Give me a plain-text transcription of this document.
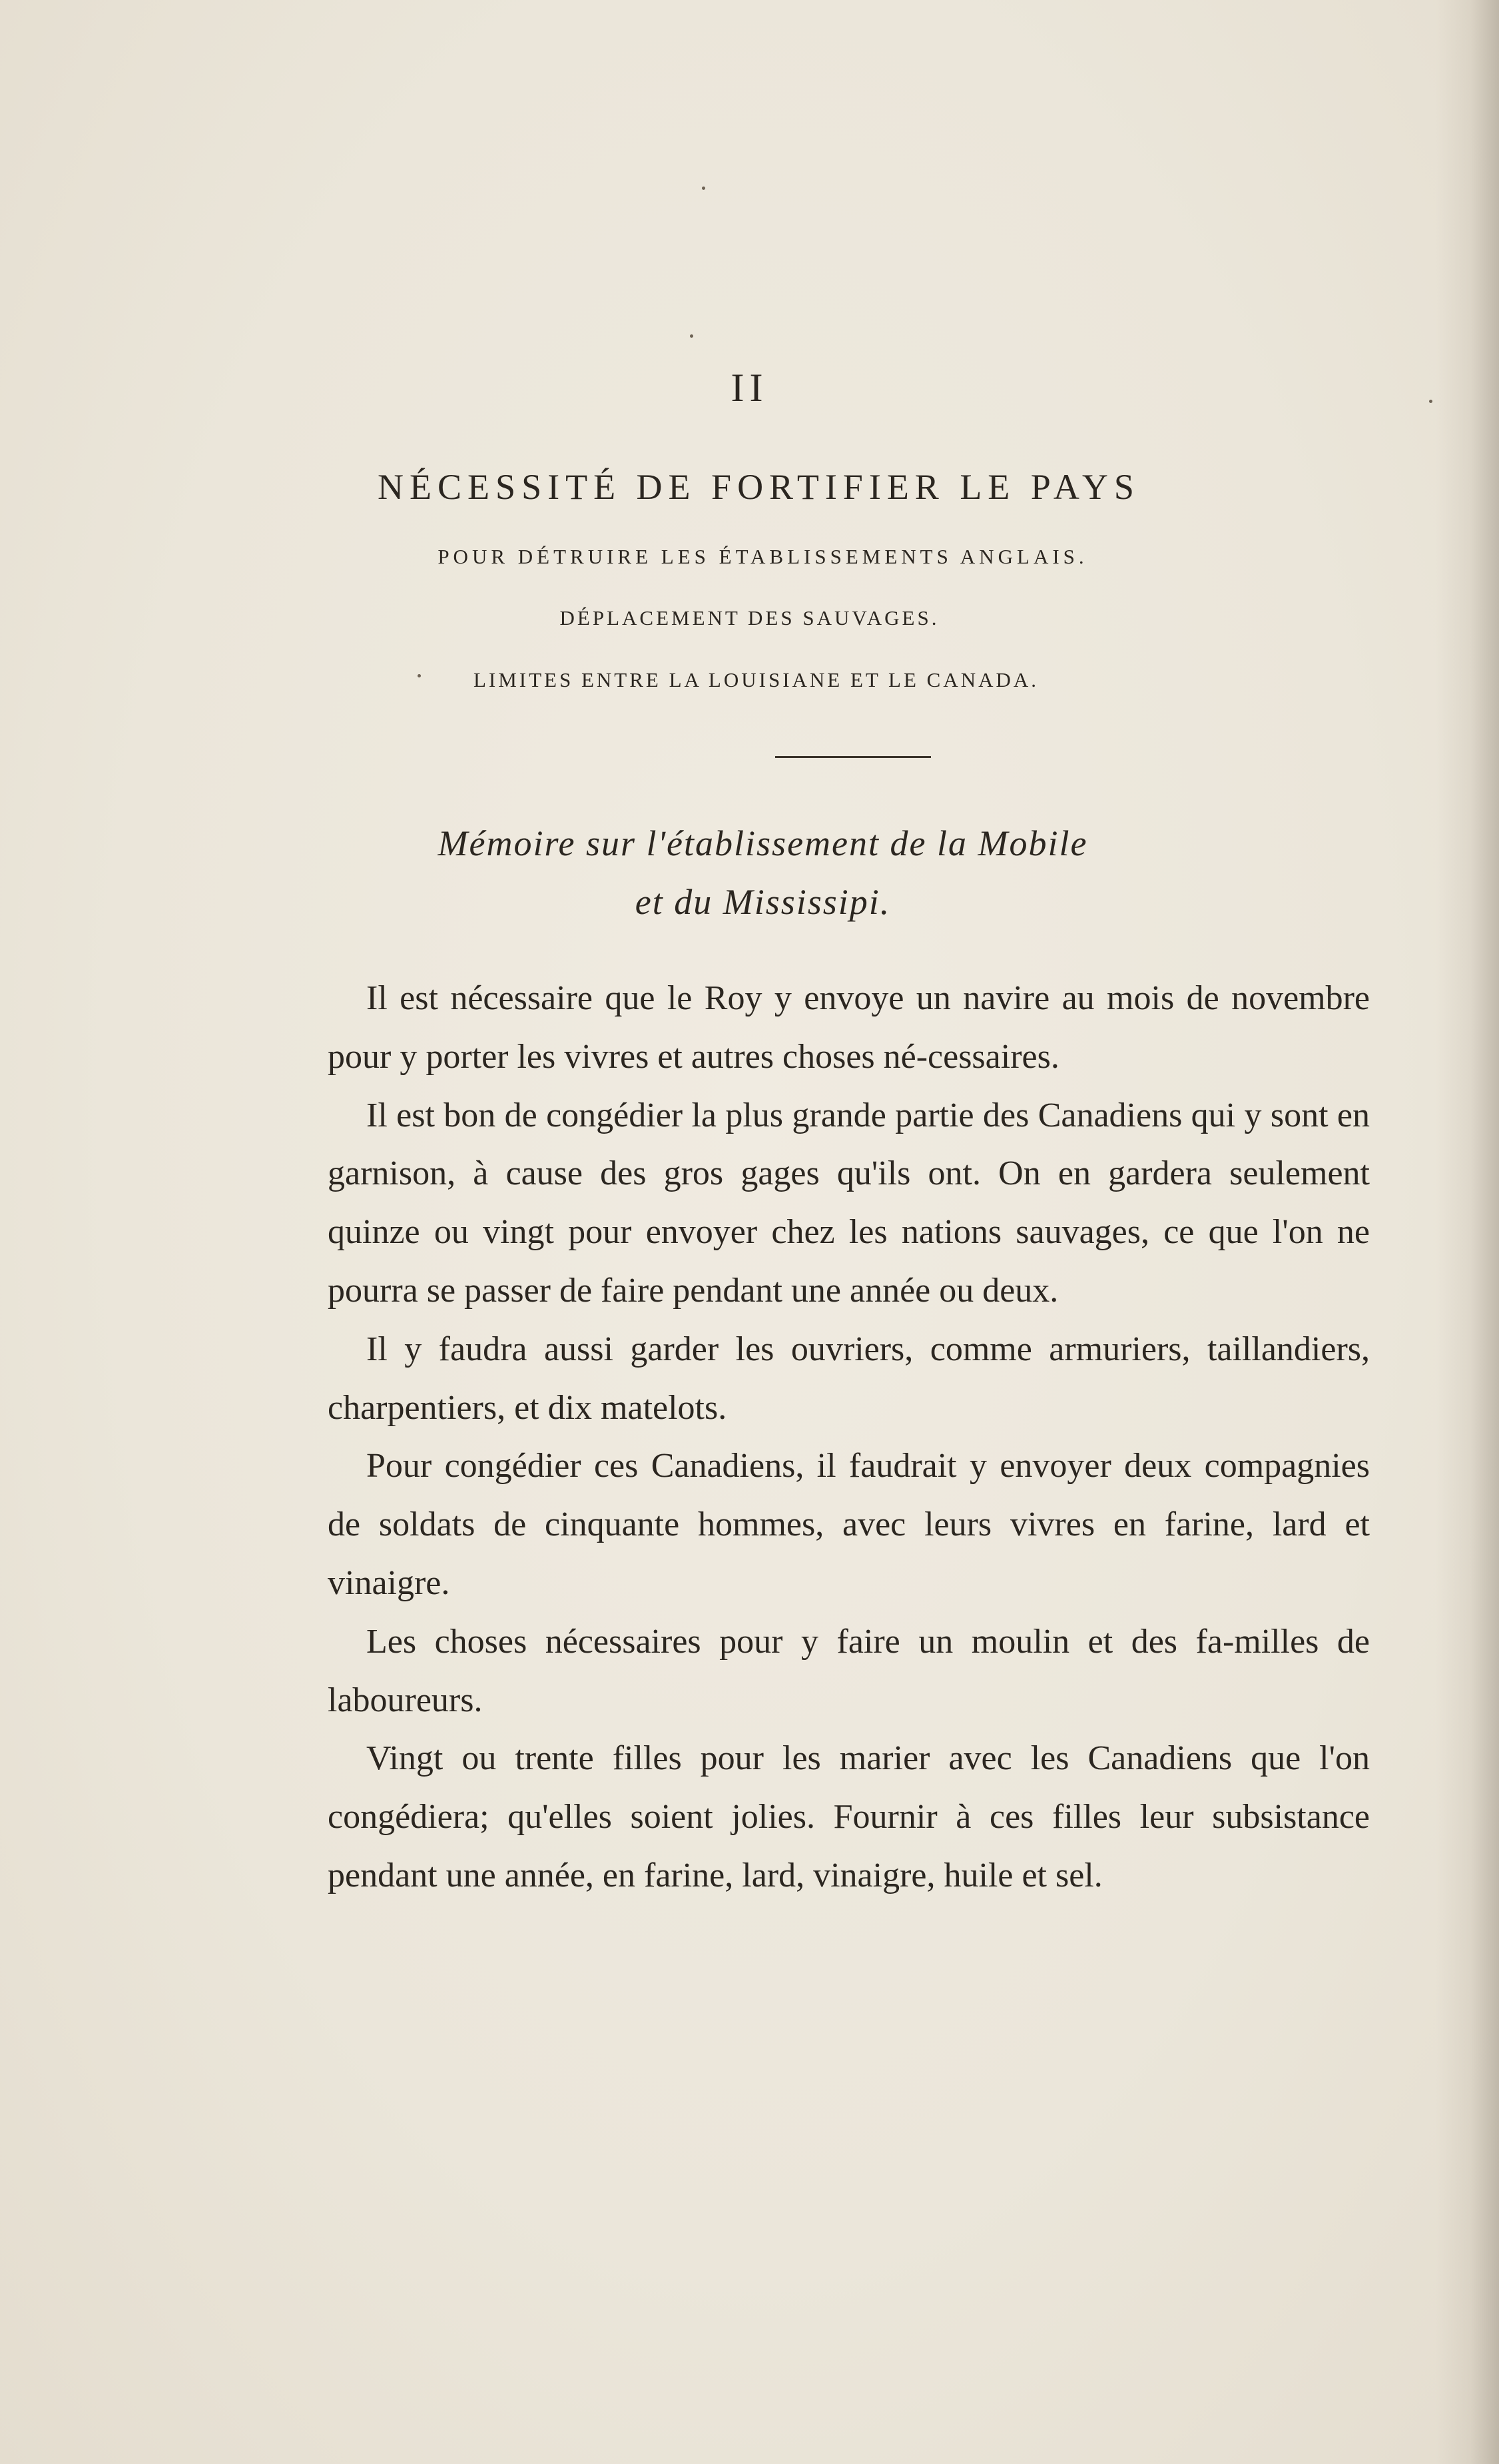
II
NÉCESSITÉ DE FORTIFIER LE PAYS
POUR DÉTRUIRE LES ÉTABLISSEMENTS ANGLAIS.
DÉPLACEMENT DES SAUVAGES.
LIMITES ENTRE LA LOUISIANE ET LE CANADA.
Mémoire sur l'établissement de la Mobile
et du Mississipi.

Il est nécessaire que le Roy y envoye un navire au mois de novembre pour y porter les vivres et autres choses né-cessaires.

Il est bon de congédier la plus grande partie des Canadiens qui y sont en garnison, à cause des gros gages qu'ils ont. On en gardera seulement quinze ou vingt pour envoyer chez les nations sauvages, ce que l'on ne pourra se passer de faire pendant une année ou deux.

Il y faudra aussi garder les ouvriers, comme armuriers, taillandiers, charpentiers, et dix matelots.

Pour congédier ces Canadiens, il faudrait y envoyer deux compagnies de soldats de cinquante hommes, avec leurs vivres en farine, lard et vinaigre.

Les choses nécessaires pour y faire un moulin et des fa-milles de laboureurs.

Vingt ou trente filles pour les marier avec les Canadiens que l'on congédiera; qu'elles soient jolies. Fournir à ces filles leur subsistance pendant une année, en farine, lard, vinaigre, huile et sel.
